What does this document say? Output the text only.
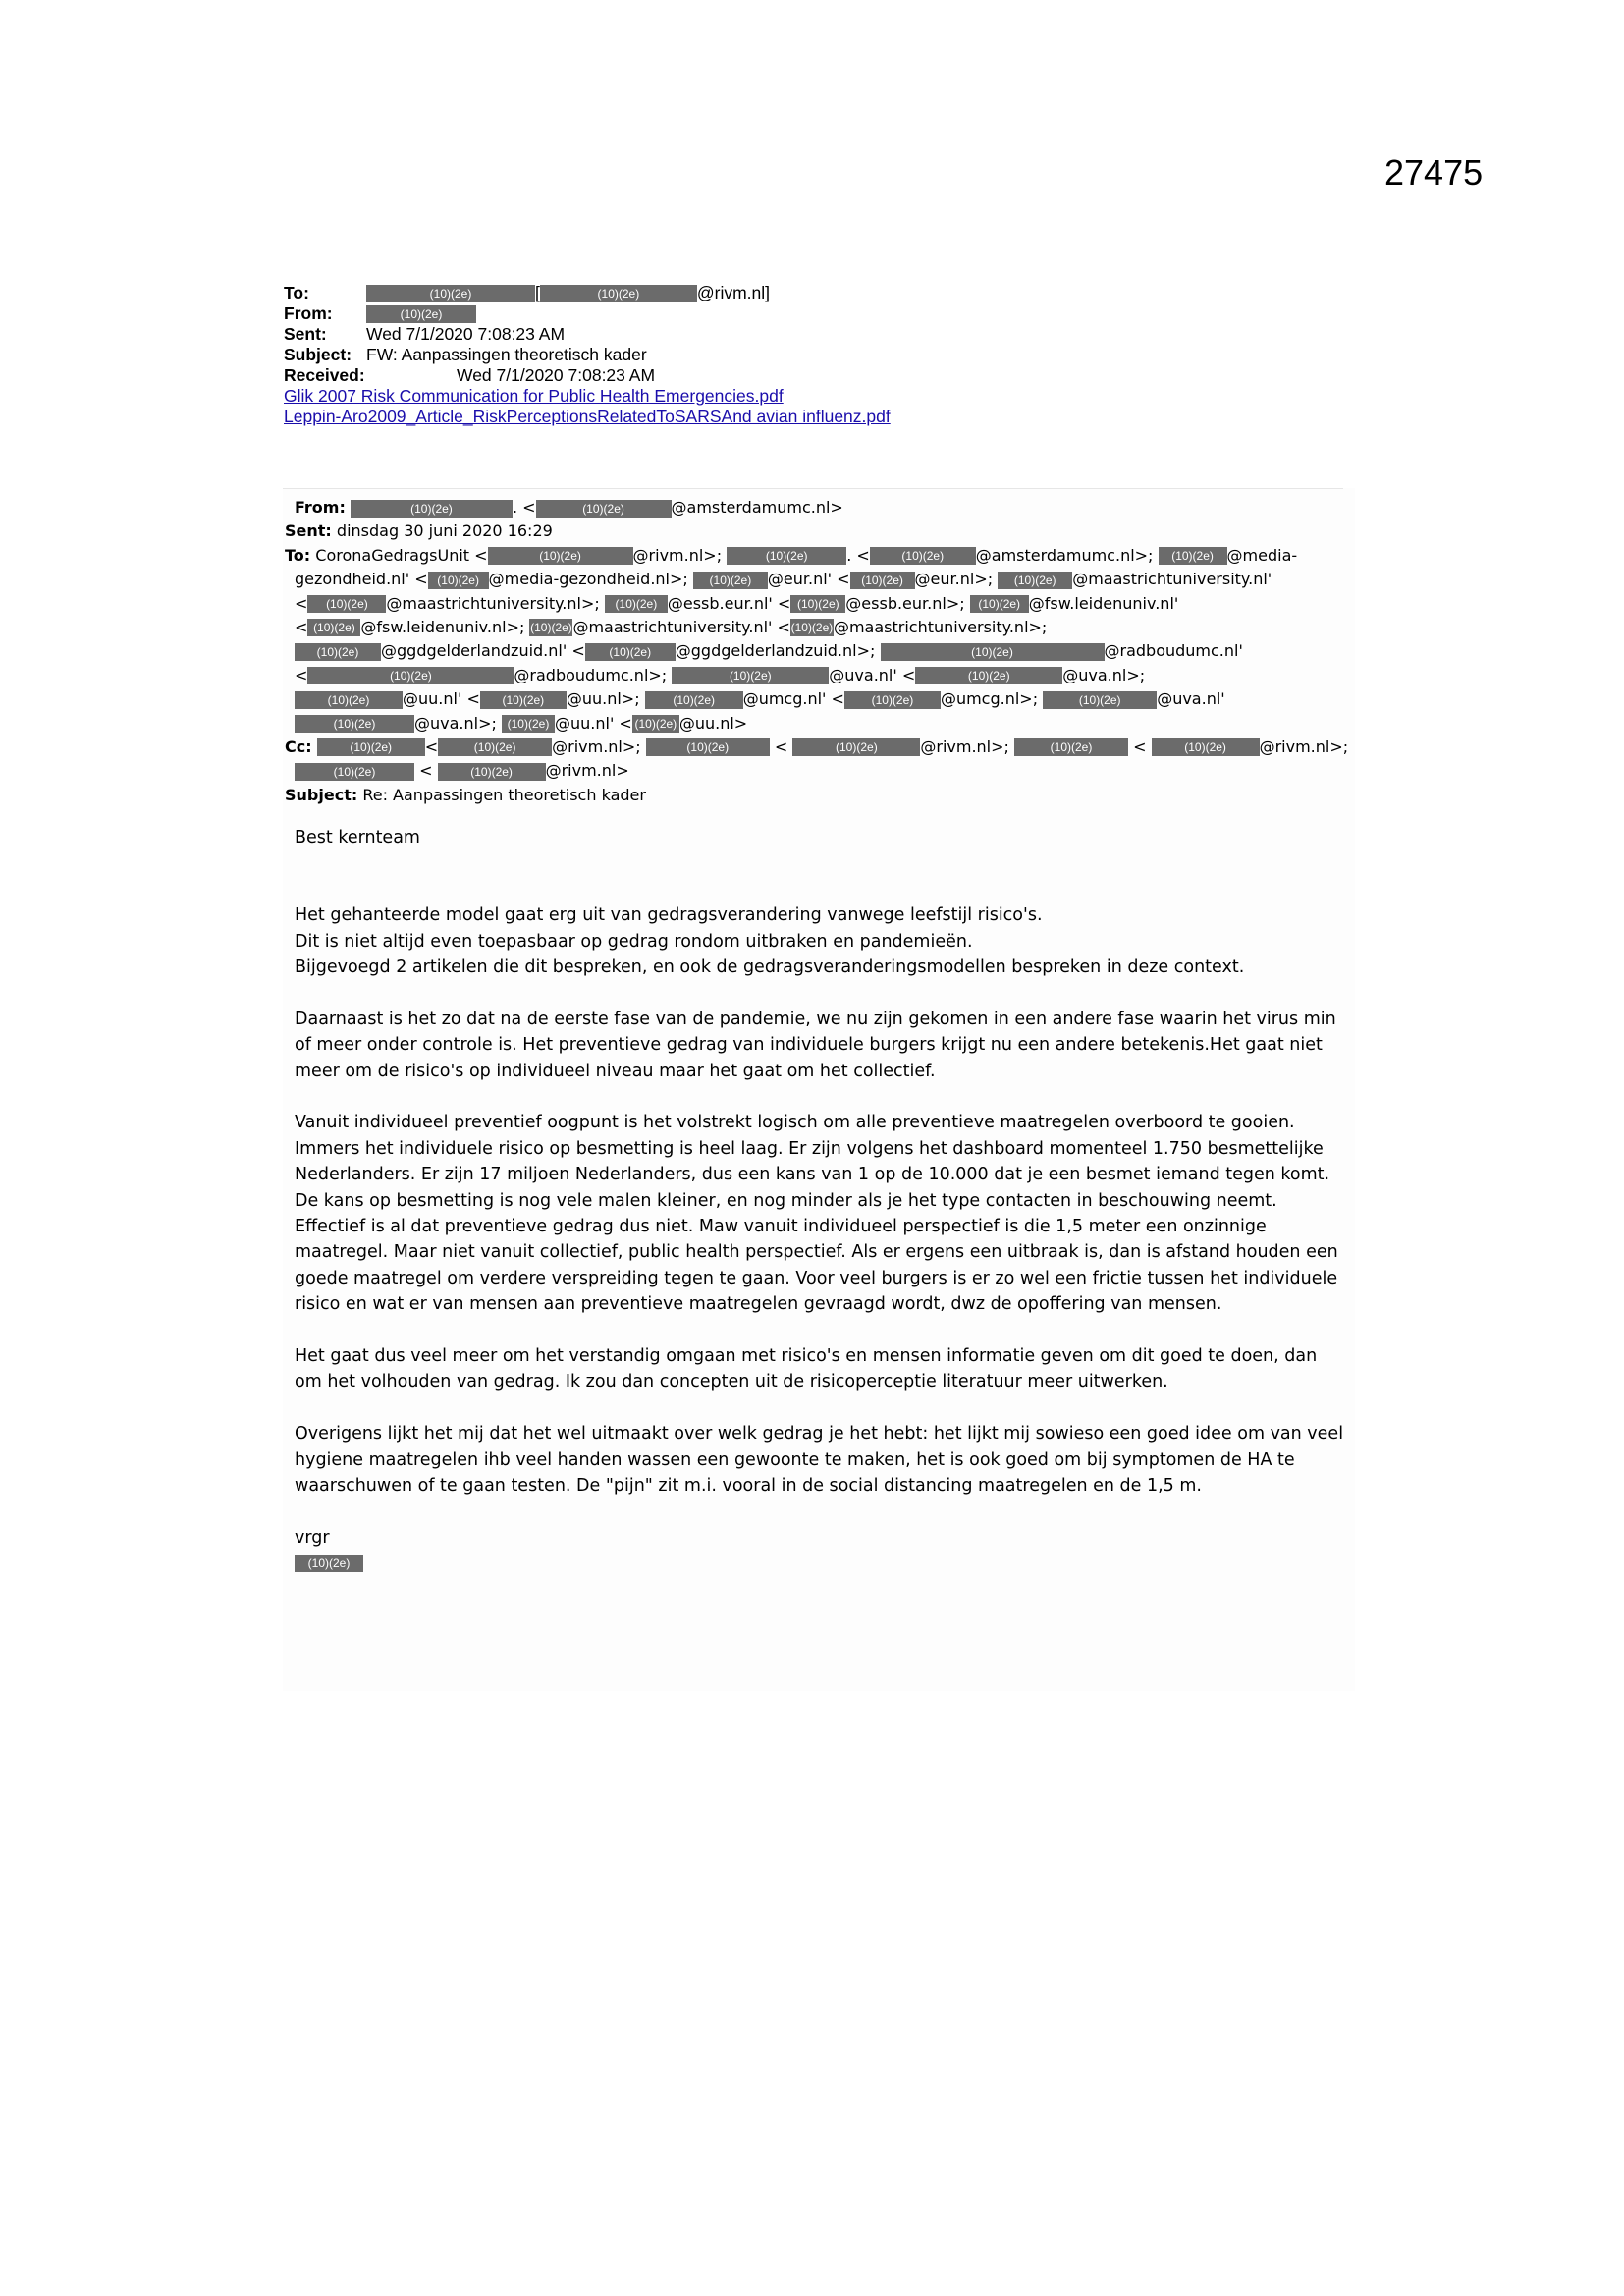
27475
To:	(10)(2e)	[	(10)(2e)	@rivm.nl]
From:	(10)(2e)
Sent: Wed 7/1/2020 7:08:23 AM
Subject: FW: Aanpassingen theoretisch kader
Received:	Wed 7/1/2020 7:08:23 AM
Glik 2007 Risk Communication for Public Health Emergencies.pdf
Leppin-Aro2009_Article_RiskPerceptionsRelatedToSARSAnd avian influenz.pdf
From:	(10)(2e)	. <	(10)(2e)	@amsterdamumc.nl>
Sent: dinsdag 30 juni 2020 16:29
To: CoronaGedragsUnit <	(10)(2e)	@rivm.nl>;	(10)(2e) . <	(10)(2e) @amsterdamumc.nl>; (10)(2e) @media-
gezondheid.nl' < (10)(2e) @media-gezondheid.nl>; (10)(2e) @eur.nl' < (10)(2e) @eur.nl>; (10)(2e) @maastrichtuniversity.nl'
< (10)(2e) @maastrichtuniversity.nl>; (10)(2e) @essb.eur.nl' < (10)(2e) @essb.eur.nl>; (10)(2e) @fsw.leidenuniv.nl'
< (10)(2e) @fsw.leidenuniv.nl>; (10)(2e)@maastrichtuniversity.nl' <(10)(2e)@maastrichtuniversity.nl>;
(10)(2e) @ggdgelderlandzuid.nl' < (10)(2e) @ggdgelderlandzuid.nl>;	(10)(2e)	@radboudumc.nl'
<	(10)(2e)	@radboudumc.nl>;	(10)(2e)	@uva.nl' <	(10)(2e)	@uva.nl>;
(10)(2e) @uu.nl' < (10)(2e) @uu.nl>;	(10)(2e) @umcg.nl' < (10)(2e) @umcg.nl>;	(10)(2e) @uva.nl'
(10)(2e) @uva.nl>; (10)(2e) @uu.nl' < (10)(2e) @uu.nl>
Cc:	(10)(2e) <	(10)(2e) @rivm.nl>;	(10)(2e)	<	(10)(2e)	@rivm.nl>;	(10)(2e)	<	(10)(2e) @rivm.nl>;
(10)(2e)	<	(10)(2e) @rivm.nl>
Subject: Re: Aanpassingen theoretisch kader
Best kernteam
Het gehanteerde model gaat erg uit van gedragsverandering vanwege leefstijl risico's.
Dit is niet altijd even toepasbaar op gedrag rondom uitbraken en pandemieën.
Bijgevoegd 2 artikelen die dit bespreken, en ook de gedragsveranderingsmodellen bespreken in deze context.
Daarnaast is het zo dat na de eerste fase van de pandemie, we nu zijn gekomen in een andere fase waarin het virus min
of meer onder controle is. Het preventieve gedrag van individuele burgers krijgt nu een andere betekenis.Het gaat niet
meer om de risico's op individueel niveau maar het gaat om het collectief.
Vanuit individueel preventief oogpunt is het volstrekt logisch om alle preventieve maatregelen overboord te gooien.
Immers het individuele risico op besmetting is heel laag. Er zijn volgens het dashboard momenteel 1.750 besmettelijke
Nederlanders. Er zijn 17 miljoen Nederlanders, dus een kans van 1 op de 10.000 dat je een besmet iemand tegen komt.
De kans op besmetting is nog vele malen kleiner, en nog minder als je het type contacten in beschouwing neemt.
Effectief is al dat preventieve gedrag dus niet. Maw vanuit individueel perspectief is die 1,5 meter een onzinnige
maatregel. Maar niet vanuit collectief, public health perspectief. Als er ergens een uitbraak is, dan is afstand houden een
goede maatregel om verdere verspreiding tegen te gaan. Voor veel burgers is er zo wel een frictie tussen het individuele
risico en wat er van mensen aan preventieve maatregelen gevraagd wordt, dwz de opoffering van mensen.
Het gaat dus veel meer om het verstandig omgaan met risico's en mensen informatie geven om dit goed te doen, dan
om het volhouden van gedrag. Ik zou dan concepten uit de risicoperceptie literatuur meer uitwerken.
Overigens lijkt het mij dat het wel uitmaakt over welk gedrag je het hebt: het lijkt mij sowieso een goed idee om van veel
hygiene maatregelen ihb veel handen wassen een gewoonte te maken, het is ook goed om bij symptomen de HA te
waarschuwen of te gaan testen. De "pijn" zit m.i. vooral in de social distancing maatregelen en de 1,5 m.
vrgr
(10)(2e)
